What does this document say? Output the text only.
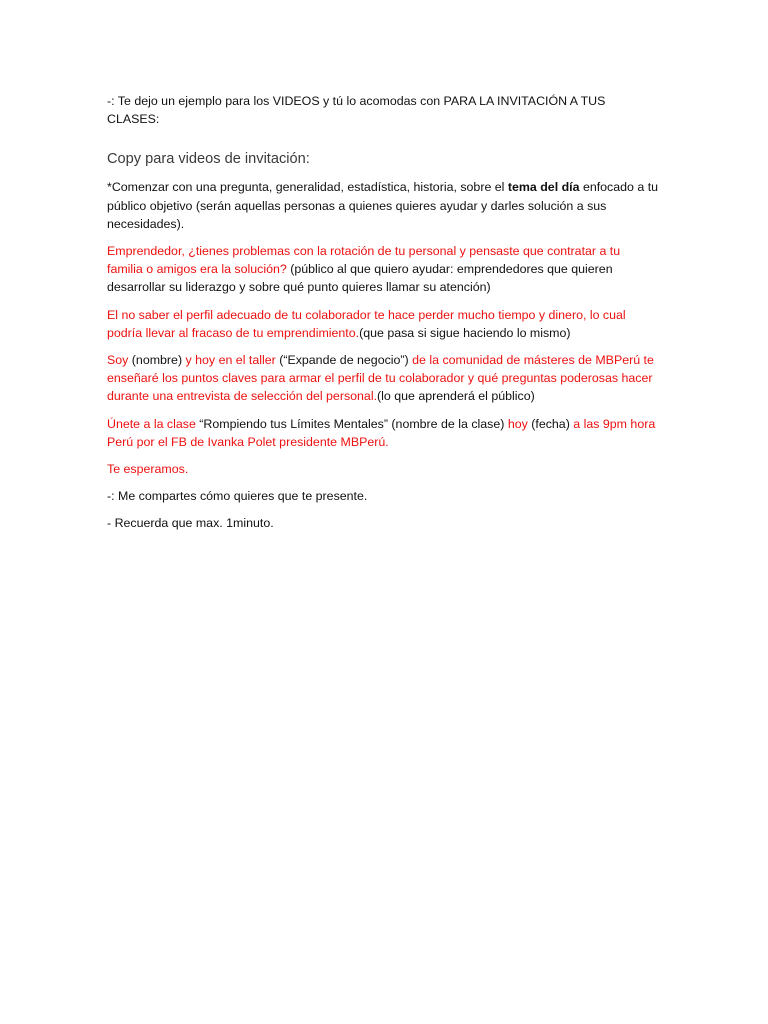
-: Te dejo un ejemplo para los VIDEOS y tú lo acomodas con PARA LA INVITACIÓN A TUS CLASES:

Copy para videos de invitación:

*Comenzar con una pregunta, generalidad, estadística, historia, sobre el tema del día enfocado a tu público objetivo (serán aquellas personas a quienes quieres ayudar y darles solución a sus necesidades).

Emprendedor, ¿tienes problemas con la rotación de tu personal y pensaste que contratar a tu familia o amigos era la solución? (público al que quiero ayudar: emprendedores que quieren desarrollar su liderazgo y sobre qué punto quieres llamar su atención)

El no saber el perfil adecuado de tu colaborador te hace perder mucho tiempo y dinero, lo cual podría llevar al fracaso de tu emprendimiento.(que pasa si sigue haciendo lo mismo)

Soy (nombre) y hoy en el taller (“Expande de negocio”) de la comunidad de másteres de MBPerú te enseñaré los puntos claves para armar el perfil de tu colaborador y qué preguntas poderosas hacer durante una entrevista de selección del personal.(lo que aprenderá el público)

Únete a la clase “Rompiendo tus Límites Mentales” (nombre de la clase) hoy (fecha) a las 9pm hora Perú por el FB de Ivanka Polet presidente MBPerú.

Te esperamos.

-: Me compartes cómo quieres que te presente.

- Recuerda que max. 1minuto.
